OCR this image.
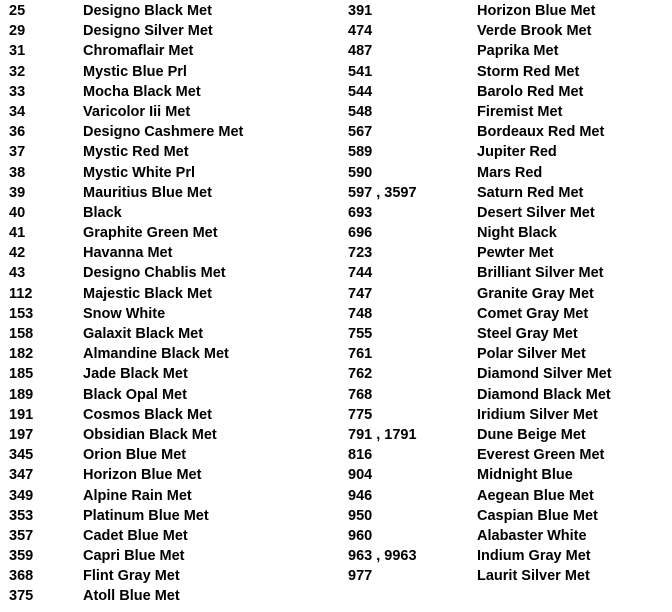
25	Designo Black Met
29	Designo Silver Met
31	Chromaflair Met
32	Mystic Blue Prl
33	Mocha Black Met
34	Varicolor Iii Met
36	Designo Cashmere Met
37	Mystic Red Met
38	Mystic White Prl
39	Mauritius Blue Met
40	Black
41	Graphite Green Met
42	Havanna Met
43	Designo Chablis Met
112	Majestic Black Met
153	Snow White
158	Galaxit Black Met
182	Almandine Black Met
185	Jade Black Met
189	Black Opal Met
191	Cosmos Black Met
197	Obsidian Black Met
345	Orion Blue Met
347	Horizon Blue Met
349	Alpine Rain Met
353	Platinum Blue Met
357	Cadet Blue Met
359	Capri Blue Met
368	Flint Gray Met
375	Atoll Blue Met
391	Horizon Blue Met
474	Verde Brook Met
487	Paprika Met
541	Storm Red Met
544	Barolo Red Met
548	Firemist Met
567	Bordeaux Red Met
589	Jupiter Red
590	Mars Red
597 , 3597	Saturn Red Met
693	Desert Silver Met
696	Night Black
723	Pewter Met
744	Brilliant Silver Met
747	Granite Gray Met
748	Comet Gray Met
755	Steel Gray Met
761	Polar Silver Met
762	Diamond Silver Met
768	Diamond Black Met
775	Iridium Silver Met
791 , 1791	Dune Beige Met
816	Everest Green Met
904	Midnight Blue
946	Aegean Blue Met
950	Caspian Blue Met
960	Alabaster White
963 , 9963	Indium Gray Met
977	Laurit Silver Met
